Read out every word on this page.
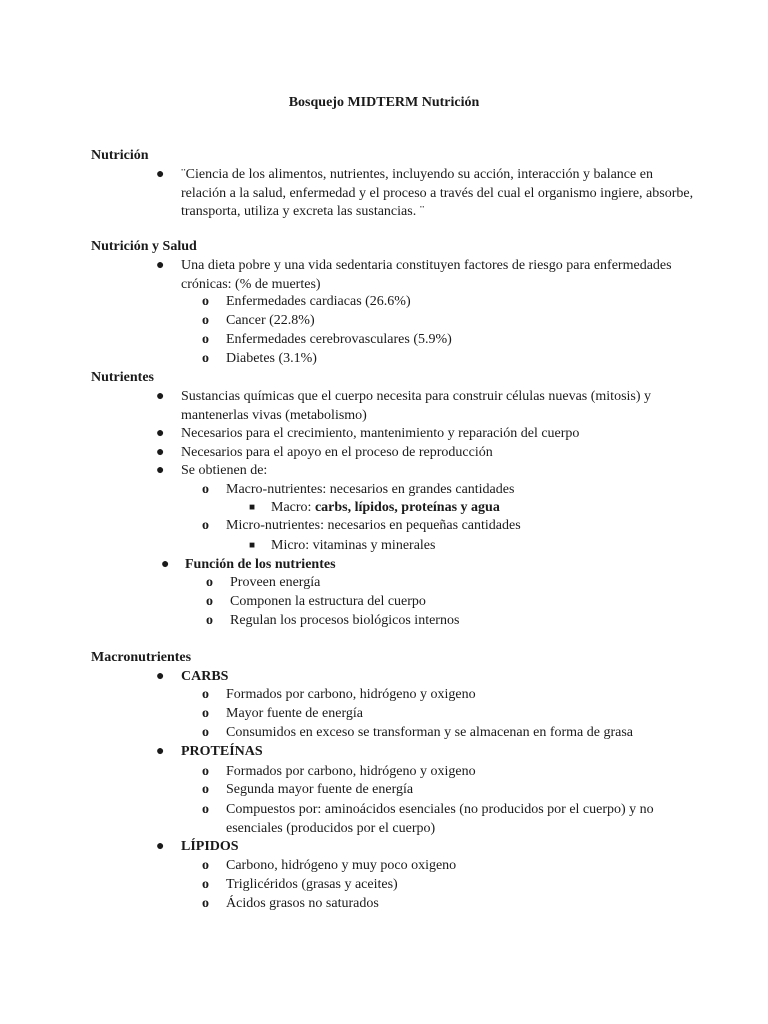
Bosquejo MIDTERM Nutrición
Nutrición
●	¨Ciencia de los alimentos, nutrientes, incluyendo su acción, interacción y balance en relación a la salud, enfermedad y el proceso a través del cual el organismo ingiere, absorbe, transporta, utiliza y excreta las sustancias. ¨
Nutrición y Salud
●	Una dieta pobre y una vida sedentaria constituyen factores de riesgo para enfermedades crónicas: (% de muertes)
o Enfermedades cardiacas (26.6%)
o Cancer (22.8%)
o Enfermedades cerebrovasculares (5.9%)
o Diabetes (3.1%)
Nutrientes
●	Sustancias químicas que el cuerpo necesita para construir células nuevas (mitosis) y mantenerlas vivas (metabolismo)
●	Necesarios para el crecimiento, mantenimiento y reparación del cuerpo
●	Necesarios para el apoyo en el proceso de reproducción
●	Se obtienen de:
o Macro-nutrientes: necesarios en grandes cantidades
■ Macro: carbs, lípidos, proteínas y agua
o Micro-nutrientes: necesarios en pequeñas cantidades
■ Micro: vitaminas y minerales
●	Función de los nutrientes
o Proveen energía
o Componen la estructura del cuerpo
o Regulan los procesos biológicos internos
Macronutrientes
●	CARBS
o Formados por carbono, hidrógeno y oxigeno
o Mayor fuente de energía
o Consumidos en exceso se transforman y se almacenan en forma de grasa
●	PROTEÍNAS
o Formados por carbono, hidrógeno y oxigeno
o Segunda mayor fuente de energía
o Compuestos por: aminoácidos esenciales (no producidos por el cuerpo) y no esenciales (producidos por el cuerpo)
●	LÍPIDOS
o Carbono, hidrógeno y muy poco oxigeno
o Triglicéridos (grasas y aceites)
o Ácidos grasos no saturados
